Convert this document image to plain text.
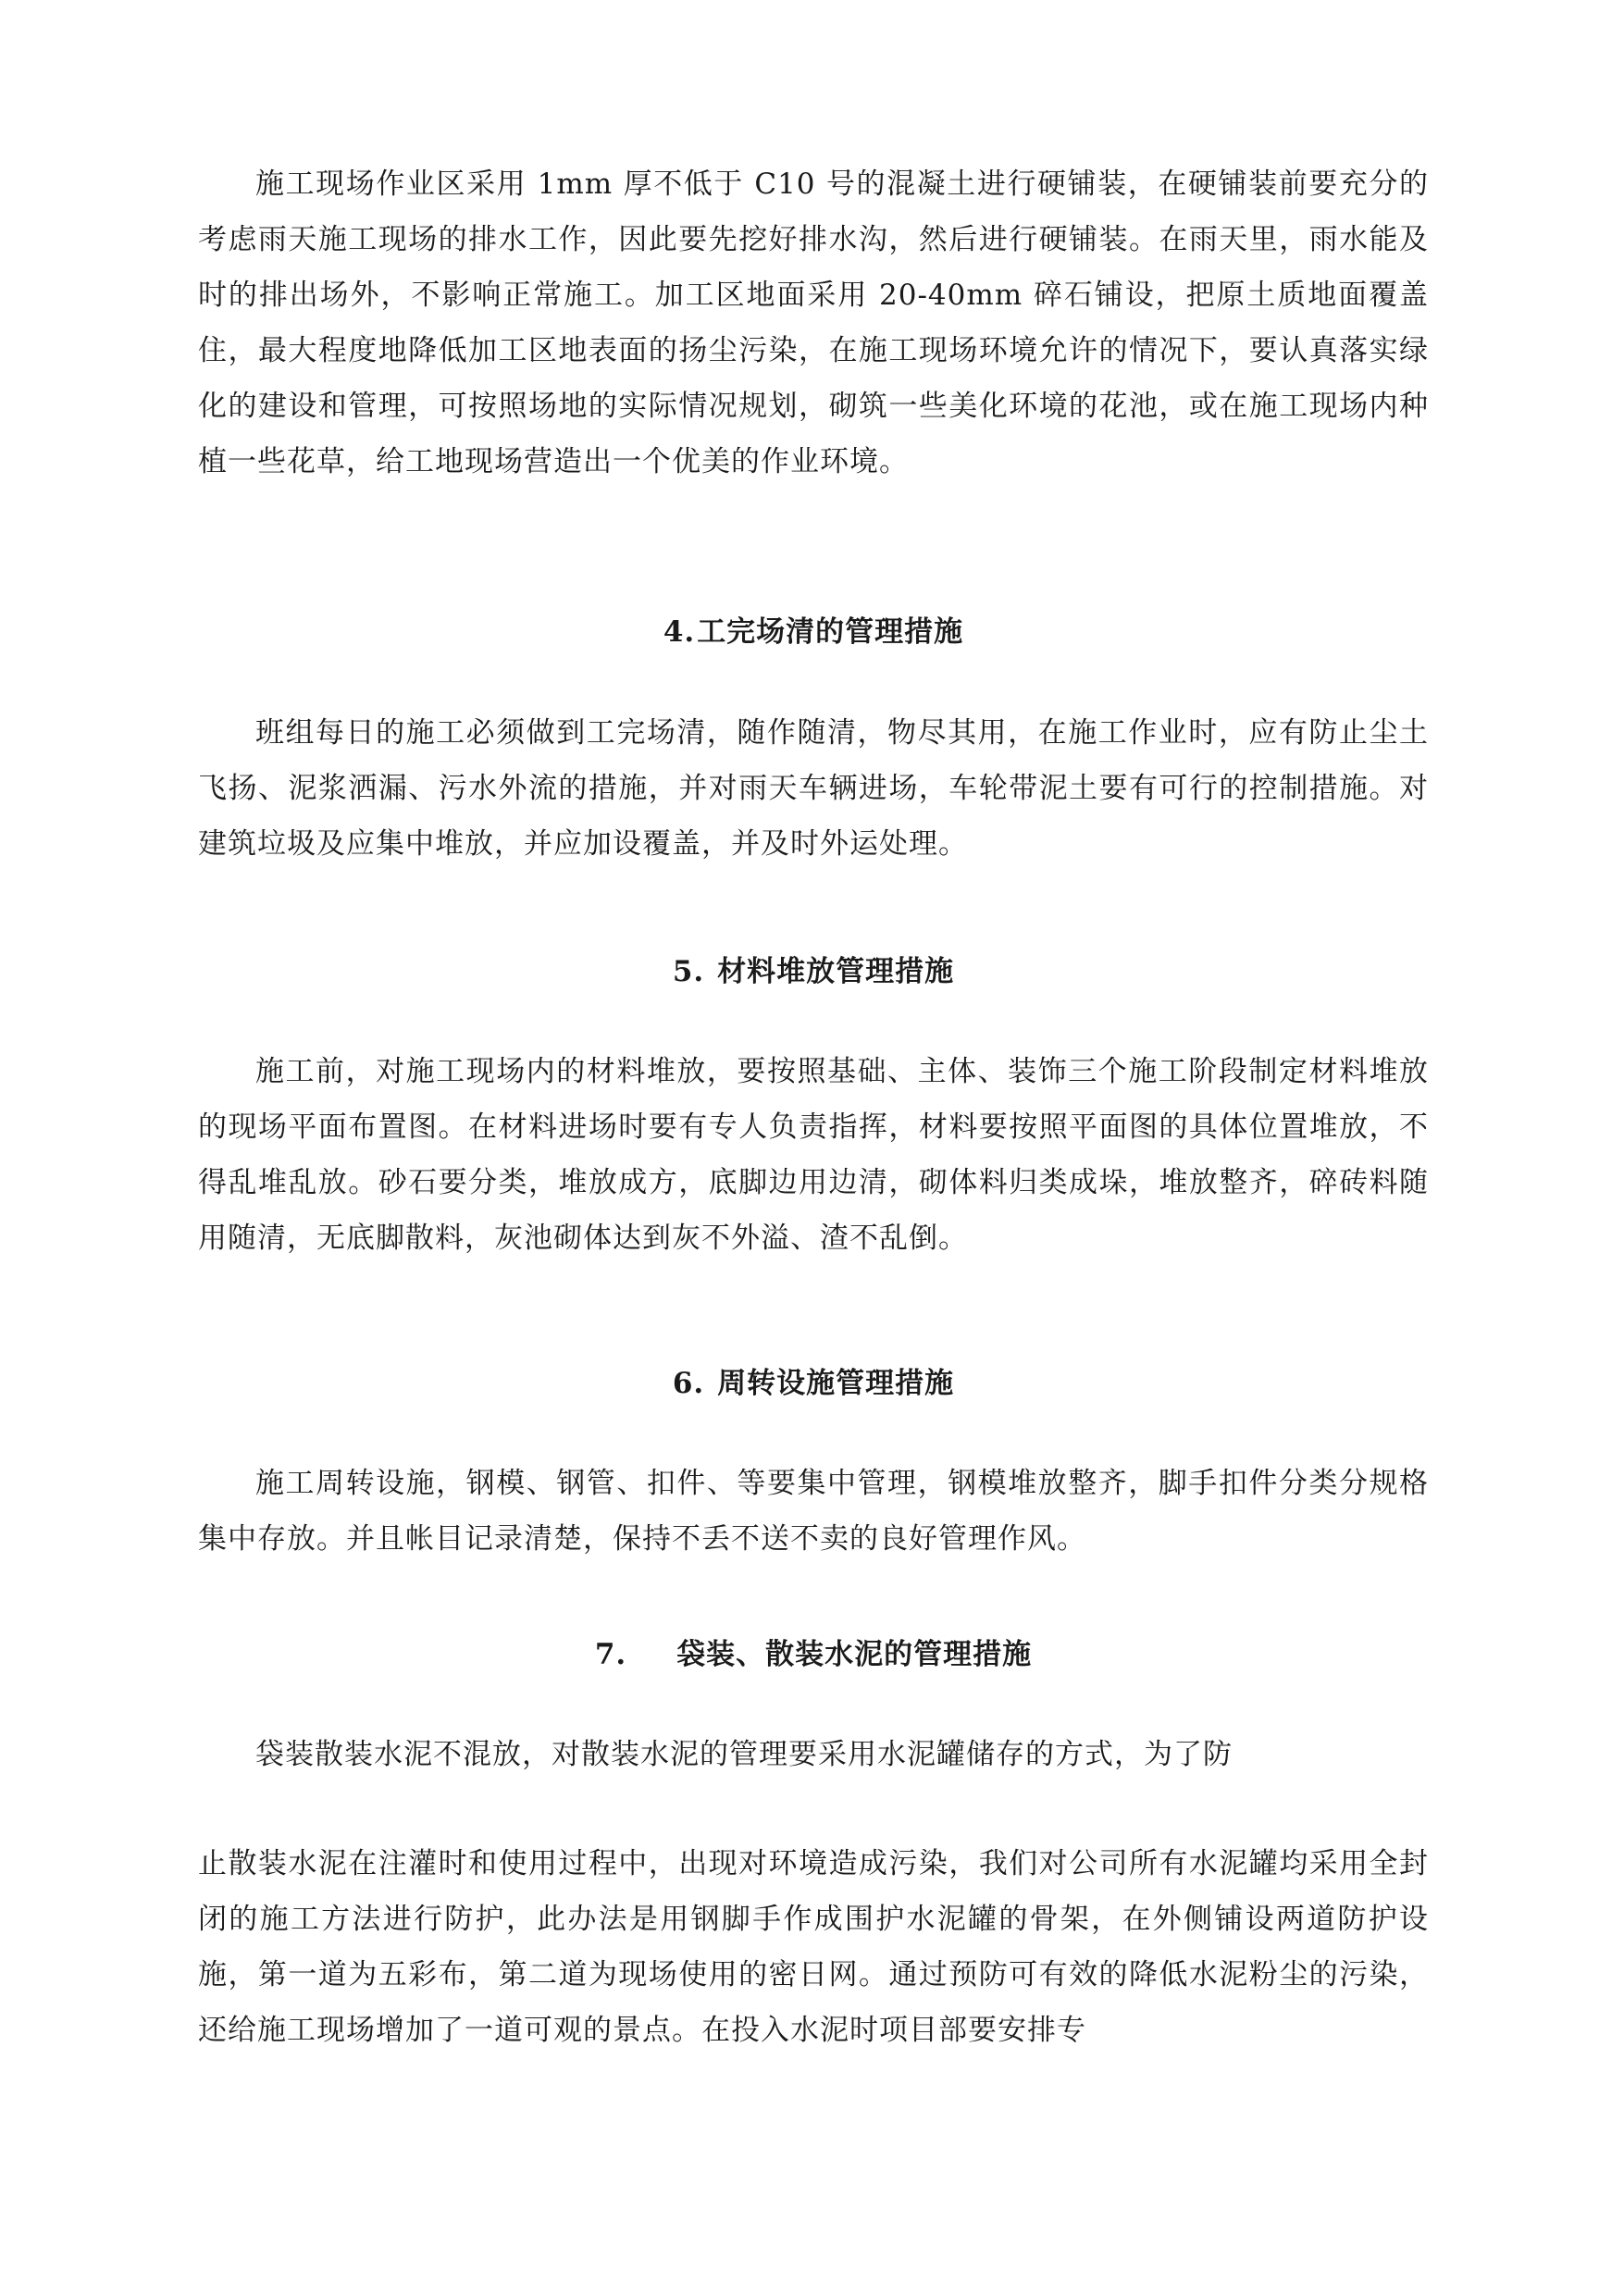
施工现场作业区采用 1mm 厚不低于 C10 号的混凝土进行硬铺装，在硬铺装前要充分的考虑雨天施工现场的排水工作，因此要先挖好排水沟，然后进行硬铺装。在雨天里，雨水能及时的排出场外，不影响正常施工。加工区地面采用 20-40mm 碎石铺设，把原土质地面覆盖住，最大程度地降低加工区地表面的扬尘污染，在施工现场环境允许的情况下，要认真落实绿化的建设和管理，可按照场地的实际情况规划，砌筑一些美化环境的花池，或在施工现场内种植一些花草，给工地现场营造出一个优美的作业环境。

4.工完场清的管理措施

班组每日的施工必须做到工完场清，随作随清，物尽其用，在施工作业时，应有防止尘土飞扬、泥浆洒漏、污水外流的措施，并对雨天车辆进场，车轮带泥土要有可行的控制措施。对建筑垃圾及应集中堆放，并应加设覆盖，并及时外运处理。

5. 材料堆放管理措施

施工前，对施工现场内的材料堆放，要按照基础、主体、装饰三个施工阶段制定材料堆放的现场平面布置图。在材料进场时要有专人负责指挥，材料要按照平面图的具体位置堆放，不得乱堆乱放。砂石要分类，堆放成方，底脚边用边清，砌体料归类成垛，堆放整齐，碎砖料随用随清，无底脚散料，灰池砌体达到灰不外溢、渣不乱倒。

6. 周转设施管理措施

施工周转设施，钢模、钢管、扣件、等要集中管理，钢模堆放整齐，脚手扣件分类分规格集中存放。并且帐目记录清楚，保持不丢不送不卖的良好管理作风。

7. 袋装、散装水泥的管理措施

袋装散装水泥不混放，对散装水泥的管理要采用水泥罐储存的方式，为了防

止散装水泥在注灌时和使用过程中，出现对环境造成污染，我们对公司所有水泥罐均采用全封闭的施工方法进行防护，此办法是用钢脚手作成围护水泥罐的骨架，在外侧铺设两道防护设施，第一道为五彩布，第二道为现场使用的密日网。通过预防可有效的降低水泥粉尘的污染，还给施工现场增加了一道可观的景点。在投入水泥时项目部要安排专
